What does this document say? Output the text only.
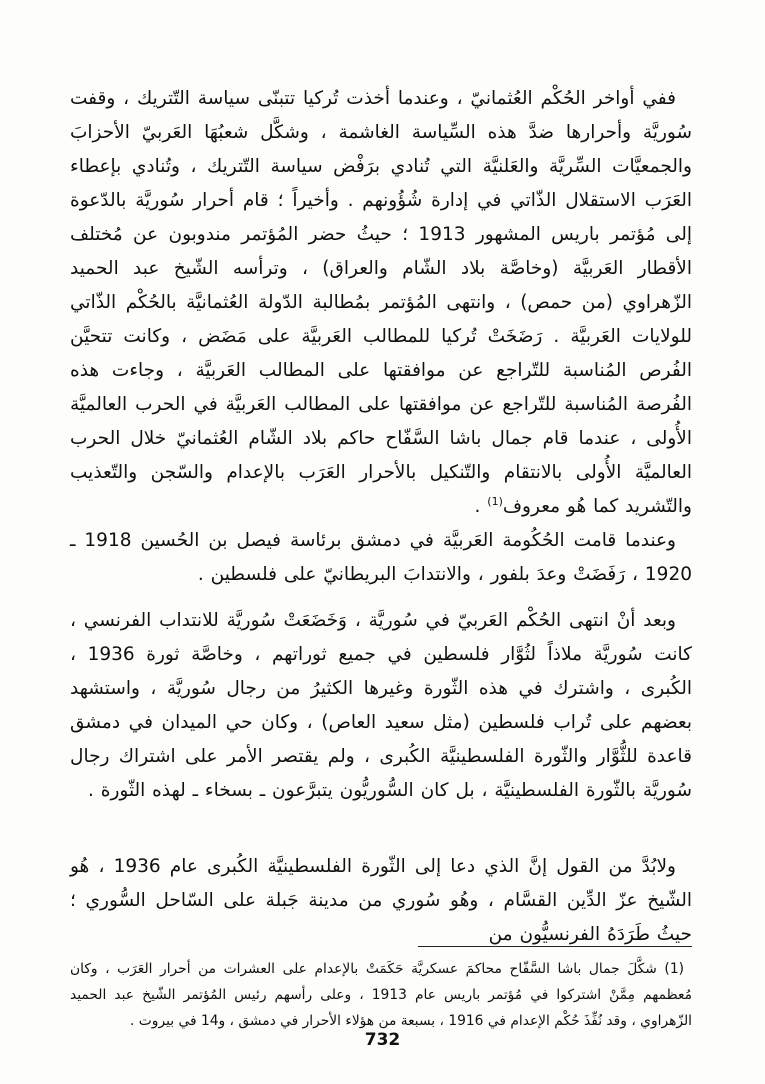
ففي أواخر الحُكْم العُثمانيّ ، وعندما أخذت تُركيا تتبنّى سياسة التّتريك ، وقفت سُوريَّة وأحرارها ضدَّ هذه السِّياسة الغاشمة ، وشكَّل شعبُهَا العَربيّ الأحزابَ والجمعيَّات السِّريَّة والعَلنيَّة التي تُنادي برَفْض سياسة التّتريك ، وتُنادي بإعطاء العَرَب الاستقلال الذّاتي في إدارة شُؤُونهم . وأخيراً ؛ قام أحرار سُوريَّة بالدّعوة إلى مُؤتمر باريس المشهور 1913 ؛ حيثُ حضر المُؤتمر مندوبون عن مُختلف الأقطار العَربيَّة (وخاصَّة بلاد الشّام والعراق) ، وترأسه الشّيخ عبد الحميد الزّهراوي (من حمص) ، وانتهى المُؤتمر بمُطالبة الدّولة العُثمانيَّة بالحُكْم الذّاتي للولايات العَربيَّة . رَضَخَتْ تُركيا للمطالب العَربيَّة على مَضَض ، وكانت تتحيَّن الفُرص المُناسبة للتّراجع عن موافقتها على المطالب العَربيَّة ، وجاءت هذه الفُرصة المُناسبة للتّراجع عن موافقتها على المطالب العَربيَّة في الحرب العالميَّة الأُولى ، عندما قام جمال باشا السَّفّاح حاكم بلاد الشّام العُثمانيّ خلال الحرب العالميَّة الأُولى بالانتقام والتّنكيل بالأحرار العَرَب بالإعدام والسّجن والتّعذيب والتّشريد كما هُو معروف$^{(1)}$ .

وعندما قامت الحُكُومة العَربيَّة في دمشق برئاسة فيصل بن الحُسين 1918 ـ 1920 ، رَفَضَتْ وعدَ بلفور ، والانتدابَ البريطانيّ على فلسطين .

وبعد أنْ انتهى الحُكْم العَربيّ في سُوريَّة ، وَخَضَعَتْ سُوريَّة للانتداب الفرنسي ، كانت سُوريَّة ملاذاً لثُوَّار فلسطين في جميع ثوراتهم ، وخاصَّة ثورة 1936 ، الكُبرى ، واشترك في هذه الثّورة وغيرها الكثيرُ من رجال سُوريَّة ، واستشهد بعضهم على تُراب فلسطين (مثل سعيد العاص) ، وكان حي الميدان في دمشق قاعدة للثُّوَّار والثّورة الفلسطينيَّة الكُبرى ، ولم يقتصر الأمر على اشتراك رجال سُوريَّة بالثّورة الفلسطينيَّة ، بل كان السُّوريُّون يتبرَّعون ـ بسخاء ـ لهذه الثّورة .

ولابُدَّ من القول إنَّ الذي دعا إلى الثّورة الفلسطينيَّة الكُبرى عام 1936 ، هُو الشّيخ عزّ الدِّين القسَّام ، وهُو سُوري من مدينة جَبلة على السّاحل السُّوري ؛ حيثُ طَرَدَهُ الفرنسيُّون من

(1) شكَّلَ جمال باشا السَّفّاح محاكمَ عسكريَّة حَكَمَتْ بالإعدام على العشرات من أحرار العَرَب ، وكان مُعظمهم مِمَّنْ اشتركوا في مُؤتمر باريس عام 1913 ، وعلى رأسهم رئيس المُؤتمر الشّيخ عبد الحميد الزّهراوي ، وقد نُفِّذَ حُكْم الإعدام في 1916 ، بسبعة من هؤلاء الأحرار في دمشق ، و14 في بيروت .

732
